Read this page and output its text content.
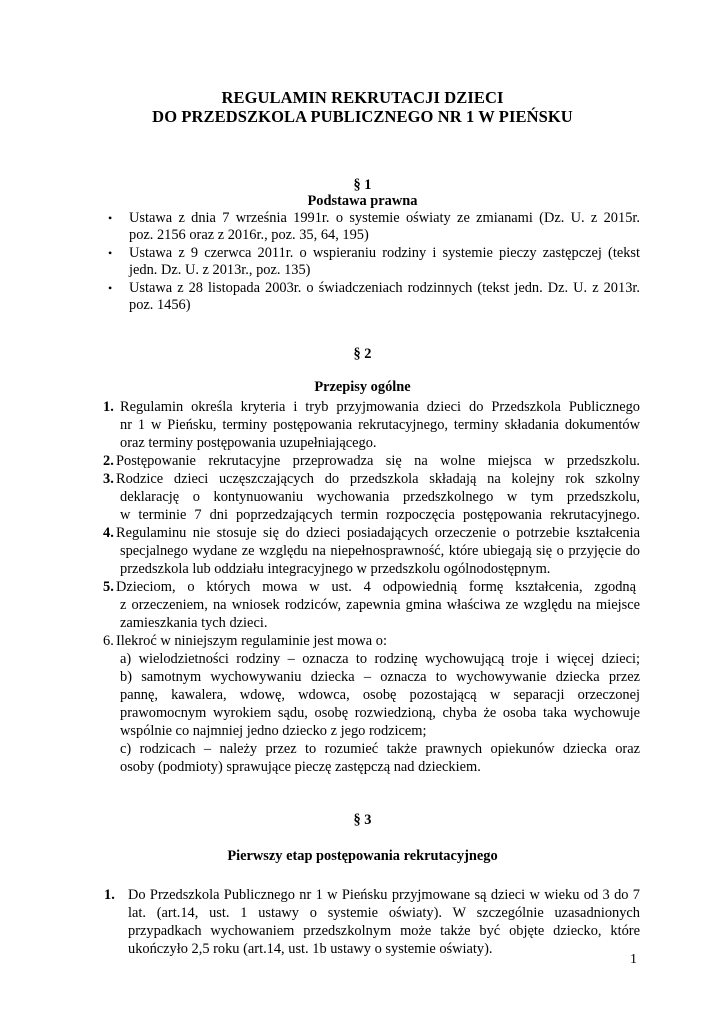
REGULAMIN REKRUTACJI DZIECI
DO PRZEDSZKOLA PUBLICZNEGO NR 1 W PIEŃSKU
§ 1
Podstawa prawna
• Ustawa z dnia 7 września 1991r. o systemie oświaty ze zmianami (Dz. U. z 2015r.
poz. 2156 oraz z 2016r., poz. 35, 64, 195)
• Ustawa z 9 czerwca 2011r. o wspieraniu rodziny i systemie pieczy zastępczej (tekst
jedn. Dz. U. z 2013r., poz. 135)
• Ustawa z 28 listopada 2003r. o świadczeniach rodzinnych (tekst jedn. Dz. U. z 2013r.
poz. 1456)
§ 2
Przepisy ogólne
1. Regulamin określa kryteria i tryb przyjmowania dzieci do Przedszkola Publicznego
nr 1 w Pieńsku, terminy postępowania rekrutacyjnego, terminy składania dokumentów
oraz terminy postępowania uzupełniającego.
2. Postępowanie rekrutacyjne przeprowadza się na wolne miejsca w przedszkolu.
3. Rodzice dzieci uczęszczających do przedszkola składają na kolejny rok szkolny
deklarację o kontynuowaniu wychowania przedszkolnego w tym przedszkolu,
w terminie 7 dni poprzedzających termin rozpoczęcia postępowania rekrutacyjnego.
4. Regulaminu nie stosuje się do dzieci posiadających orzeczenie o potrzebie kształcenia
specjalnego wydane ze względu na niepełnosprawność, które ubiegają się o przyjęcie do
przedszkola lub oddziału integracyjnego w przedszkolu ogólnodostępnym.
5. Dzieciom, o których mowa w ust. 4 odpowiednią formę kształcenia, zgodną
z orzeczeniem, na wniosek rodziców, zapewnia gmina właściwa ze względu na miejsce
zamieszkania tych dzieci.
6. Ilekroć w niniejszym regulaminie jest mowa o:
a) wielodzietności rodziny – oznacza to rodzinę wychowującą troje i więcej dzieci;
b) samotnym wychowywaniu dziecka – oznacza to wychowywanie dziecka przez
pannę, kawalera, wdowę, wdowca, osobę pozostającą w separacji orzeczonej
prawomocnym wyrokiem sądu, osobę rozwiedzioną, chyba że osoba taka wychowuje
wspólnie co najmniej jedno dziecko z jego rodzicem;
c) rodzicach – należy przez to rozumieć także prawnych opiekunów dziecka oraz
osoby (podmioty) sprawujące pieczę zastępczą nad dzieckiem.
§ 3
Pierwszy etap postępowania rekrutacyjnego
1. Do Przedszkola Publicznego nr 1 w Pieńsku przyjmowane są dzieci w wieku od 3 do 7
lat. (art.14, ust. 1 ustawy o systemie oświaty). W szczególnie uzasadnionych
przypadkach wychowaniem przedszkolnym może także być objęte dziecko, które
ukończyło 2,5 roku (art.14, ust. 1b ustawy o systemie oświaty).
1
